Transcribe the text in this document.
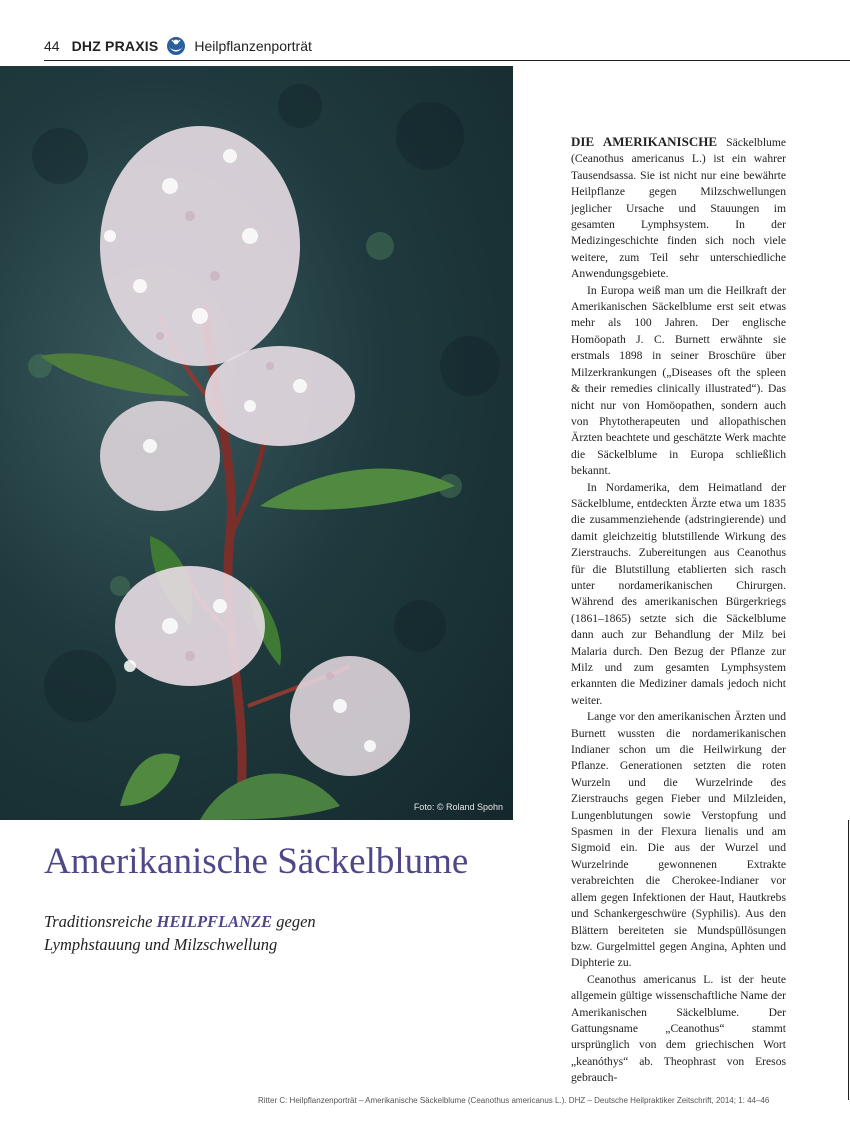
44 DHZ PRAXIS	Heilpflanzenporträt
Foto: © Roland Spohn
Amerikanische Säckelblume

Traditionsreiche HEILPFLANZE gegen Lymphstauung und Milzschwellung

DIE AMERIKANISCHE Säckelblume (Ceanothus americanus L.) ist ein wahrer Tausendsassa. Sie ist nicht nur eine bewährte Heilpflanze gegen Milzschwellungen jeglicher Ursache und Stauungen im gesamten Lymphsystem. In der Medizingeschichte finden sich noch viele weitere, zum Teil sehr unterschiedliche Anwendungsgebiete.

In Europa weiß man um die Heilkraft der Amerikanischen Säckelblume erst seit etwas mehr als 100 Jahren. Der englische Homöopath J. C. Burnett erwähnte sie erstmals 1898 in seiner Broschüre über Milzerkrankungen („Diseases oft the spleen & their remedies clinically illustrated“). Das nicht nur von Homöopathen, sondern auch von Phytotherapeuten und allopathischen Ärzten beachtete und geschätzte Werk machte die Säckelblume in Europa schließlich bekannt.

In Nordamerika, dem Heimatland der Säckelblume, entdeckten Ärzte etwa um 1835 die zusammenziehende (adstringierende) und damit gleichzeitig blutstillende Wirkung des Zierstrauchs. Zubereitungen aus Ceanothus für die Blutstillung etablierten sich rasch unter nordamerikanischen Chirurgen. Während des amerikanischen Bürgerkriegs (1861–1865) setzte sich die Säckelblume dann auch zur Behandlung der Milz bei Malaria durch. Den Bezug der Pflanze zur Milz und zum gesamten Lymphsystem erkannten die Mediziner damals jedoch nicht weiter.

Lange vor den amerikanischen Ärzten und Burnett wussten die nordamerikanischen Indianer schon um die Heilwirkung der Pflanze. Generationen setzten die roten Wurzeln und die Wurzelrinde des Zierstrauchs gegen Fieber und Milzleiden, Lungenblutungen sowie Verstopfung und Spasmen in der Flexura lienalis und am Sigmoid ein. Die aus der Wurzel und Wurzelrinde gewonnenen Extrakte verabreichten die Cherokee-Indianer vor allem gegen Infektionen der Haut, Hautkrebs und Schankergeschwüre (Syphilis). Aus den Blättern bereiteten sie Mundspüllösungen bzw. Gurgelmittel gegen Angina, Aphten und Diphterie zu.

Ceanothus americanus L. ist der heute allgemein gültige wissenschaftliche Name der Amerikanischen Säckelblume. Der Gattungsname „Ceanothus“ stammt ursprünglich von dem griechischen Wort „keanóthys“ ab. Theophrast von Eresos gebrauch-

Ritter C: Heilpflanzenporträt – Amerikanische Säckelblume (Ceanothus americanus L.). DHZ – Deutsche Heilpraktiker Zeitschrift, 2014; 1: 44–46
